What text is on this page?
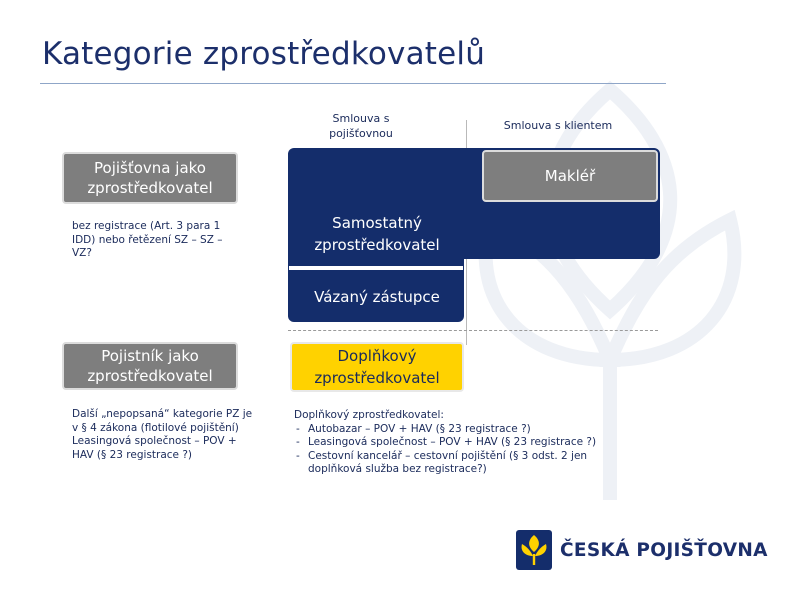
Kategorie zprostředkovatelů
Smlouva s pojišťovnou
Smlouva s klientem
Samostatný zprostředkovatel
Vázaný zástupce
Makléř
Pojišťovna jako zprostředkovatel
bez registrace (Art. 3 para 1 IDD) nebo řetězení SZ – SZ – VZ?
Pojistník jako zprostředkovatel
Další „nepopsaná“ kategorie PZ je v § 4 zákona (flotilové pojištění)
Leasingová společnost – POV + HAV (§ 23 registrace ?)
Doplňkový zprostředkovatel
Doplňkový zprostředkovatel:
- Autobazar – POV + HAV (§ 23 registrace ?)
- Leasingová společnost – POV + HAV (§ 23 registrace ?)
- Cestovní kancelář – cestovní pojištění (§ 3 odst. 2 jen doplňková služba bez registrace?)
ČESKÁ POJIŠŤOVNA
